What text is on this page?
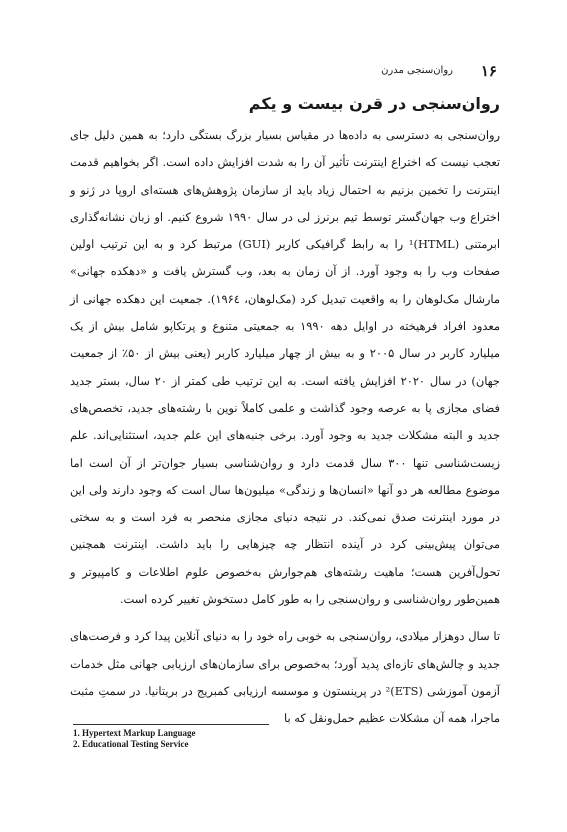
۱۶
روان‌سنجی مدرن
روان‌سنجی در قرن بیست و یکم

روان‌سنجی به دسترسی به داده‌ها در مقیاس بسیار بزرگ بستگی دارد؛ به همین دلیل جای تعجب نیست که اختراع اینترنت تأثیر آن را به شدت افزایش داده است. اگر بخواهیم قدمت اینترنت را تخمین بزنیم به احتمال زیاد باید از سازمان پژوهش‌های هسته‌ای اروپا در ژنو و اختراع وب جهان‌گستر توسط تیم برنرز لی در سال ۱۹۹۰ شروع کنیم. او زبان نشانه‌گذاری ابرمتنی (HTML)¹ را به رابط گرافیکی کاربر (GUI) مرتبط کرد و به این ترتیب اولین صفحات وب را به وجود آورد. از آن زمان به بعد، وب گسترش یافت و «دهکده جهانی» مارشال مک‌لوهان را به واقعیت تبدیل کرد (مک‌لوهان، ۱۹۶٤). جمعیت این دهکده جهانی از معدود افراد فرهیخته در اوایل دهه ۱۹۹۰ به جمعیتی متنوع و پرتکاپو شامل بیش از یک میلیارد کاربر در سال ۲۰۰۵ و به بیش از چهار میلیارد کاربر (یعنی بیش از ۵۰٪ از جمعیت جهان) در سال ۲۰۲۰ افزایش یافته است. به این ترتیب طی کمتر از ۲۰ سال، بستر جدید فضای مجازی پا به عرصه وجود گذاشت و علمی کاملاً نوین با رشته‌های جدید، تخصص‌های جدید و البته مشکلات جدید به وجود آورد. برخی جنبه‌های این علم جدید، استثنایی‌اند. علم زیست‌شناسی تنها ۳۰۰ سال قدمت دارد و روان‌شناسی بسیار جوان‌تر از آن است اما موضوع مطالعه هر دو آنها «انسان‌ها و زندگی» میلیون‌ها سال است که وجود دارند ولی این در مورد اینترنت صدق نمی‌کند. در نتیجه دنیای مجازی منحصر به فرد است و به سختی می‌توان پیش‌بینی کرد در آینده انتظار چه چیزهایی را باید داشت. اینترنت همچنین تحول‌آفرین هست؛ ماهیت رشته‌های هم‌جوارش به‌خصوص علوم اطلاعات و کامپیوتر و همین‌طور روان‌شناسی و روان‌سنجی را به طور کامل دستخوش تغییر کرده است.

تا سال دوهزار میلادی، روان‌سنجی به خوبی راه خود را به دنیای آنلاین پیدا کرد و فرصت‌های جدید و چالش‌های تازه‌ای پدید آورد؛ به‌خصوص برای سازمان‌های ارزیابی جهانی مثل خدمات آزمون آموزشی (ETS)² در پرینستون و موسسه ارزیابی کمبریج در بریتانیا. در سمتِ مثبت ماجرا، همه آن مشکلات عظیم حمل‌ونقل که با

1. Hypertext Markup Language
2. Educational Testing Service
